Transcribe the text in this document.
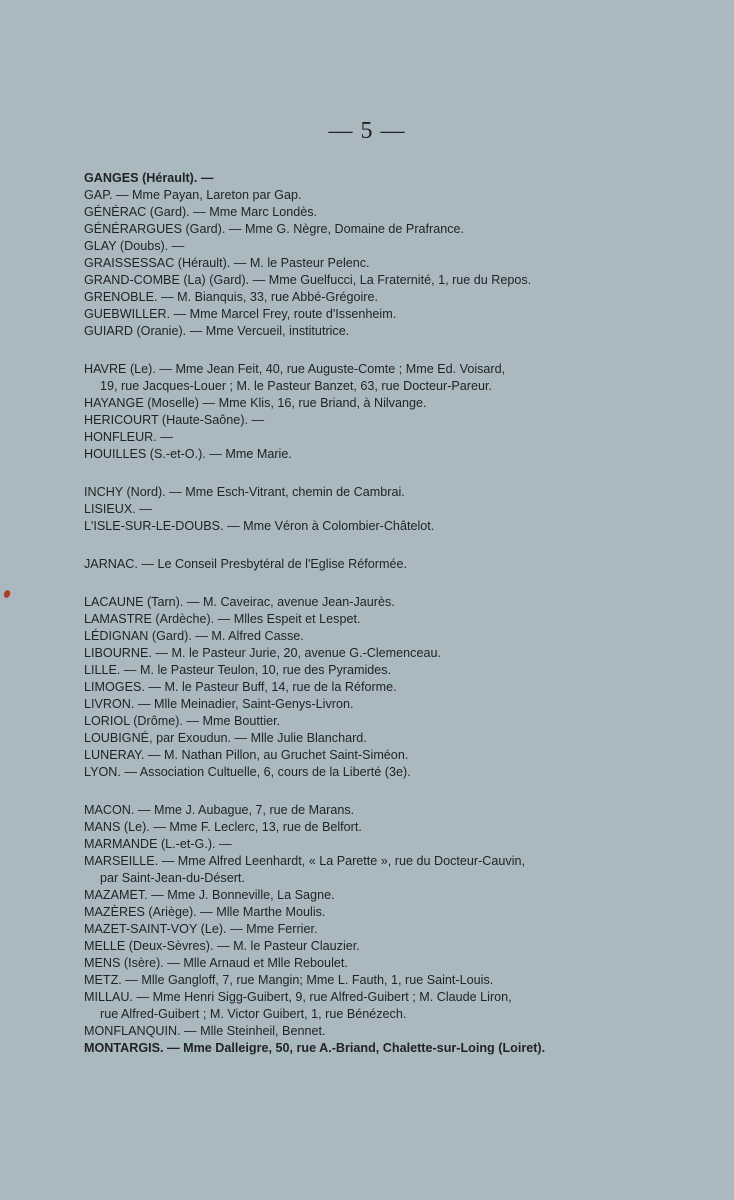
— 5 —
GANGES (Hérault). —
GAP. — Mme Payan, Lareton par Gap.
GÉNÉRAC (Gard). — Mme Marc Londès.
GÉNÉRARGUES (Gard). — Mme G. Nègre, Domaine de Prafrance.
GLAY (Doubs). —
GRAISSESSAC (Hérault). — M. le Pasteur Pelenc.
GRAND-COMBE (La) (Gard). — Mme Guelfucci, La Fraternité, 1, rue du Repos.
GRENOBLE. — M. Bianquis, 33, rue Abbé-Grégoire.
GUEBWILLER. — Mme Marcel Frey, route d'Issenheim.
GUIARD (Oranie). — Mme Vercueil, institutrice.
HAVRE (Le). — Mme Jean Feit, 40, rue Auguste-Comte ; Mme Ed. Voisard,
19, rue Jacques-Louer ; M. le Pasteur Banzet, 63, rue Docteur-Pareur.
HAYANGE (Moselle) — Mme Klis, 16, rue Briand, à Nilvange.
HERICOURT (Haute-Saône). —
HONFLEUR. —
HOUILLES (S.-et-O.). — Mme Marie.
INCHY (Nord). — Mme Esch-Vitrant, chemin de Cambrai.
LISIEUX. —
L'ISLE-SUR-LE-DOUBS. — Mme Véron à Colombier-Châtelot.
JARNAC. — Le Conseil Presbytéral de l'Eglise Réformée.
LACAUNE (Tarn). — M. Caveirac, avenue Jean-Jaurès.
LAMASTRE (Ardèche). — Mlles Espeit et Lespet.
LÉDIGNAN (Gard). — M. Alfred Casse.
LIBOURNE. — M. le Pasteur Jurie, 20, avenue G.-Clemenceau.
LILLE. — M. le Pasteur Teulon, 10, rue des Pyramides.
LIMOGES. — M. le Pasteur Buff, 14, rue de la Réforme.
LIVRON. — Mlle Meinadier, Saint-Genys-Livron.
LORIOL (Drôme). — Mme Bouttier.
LOUBIGNÉ, par Exoudun. — Mlle Julie Blanchard.
LUNERAY. — M. Nathan Pillon, au Gruchet Saint-Siméon.
LYON. — Association Cultuelle, 6, cours de la Liberté (3e).
MACON. — Mme J. Aubague, 7, rue de Marans.
MANS (Le). — Mme F. Leclerc, 13, rue de Belfort.
MARMANDE (L.-et-G.). —
MARSEILLE. — Mme Alfred Leenhardt, « La Parette », rue du Docteur-Cauvin,
par Saint-Jean-du-Désert.
MAZAMET. — Mme J. Bonneville, La Sagne.
MAZÈRES (Ariège). — Mlle Marthe Moulis.
MAZET-SAINT-VOY (Le). — Mme Ferrier.
MELLE (Deux-Sèvres). — M. le Pasteur Clauzier.
MENS (Isère). — Mlle Arnaud et Mlle Reboulet.
METZ. — Mlle Gangloff, 7, rue Mangin; Mme L. Fauth, 1, rue Saint-Louis.
MILLAU. — Mme Henri Sigg-Guibert, 9, rue Alfred-Guibert ; M. Claude Liron,
rue Alfred-Guibert ; M. Victor Guibert, 1, rue Bénézech.
MONFLANQUIN. — Mlle Steinheil, Bennet.
MONTARGIS. — Mme Dalleigre, 50, rue A.-Briand, Chalette-sur-Loing (Loiret).
